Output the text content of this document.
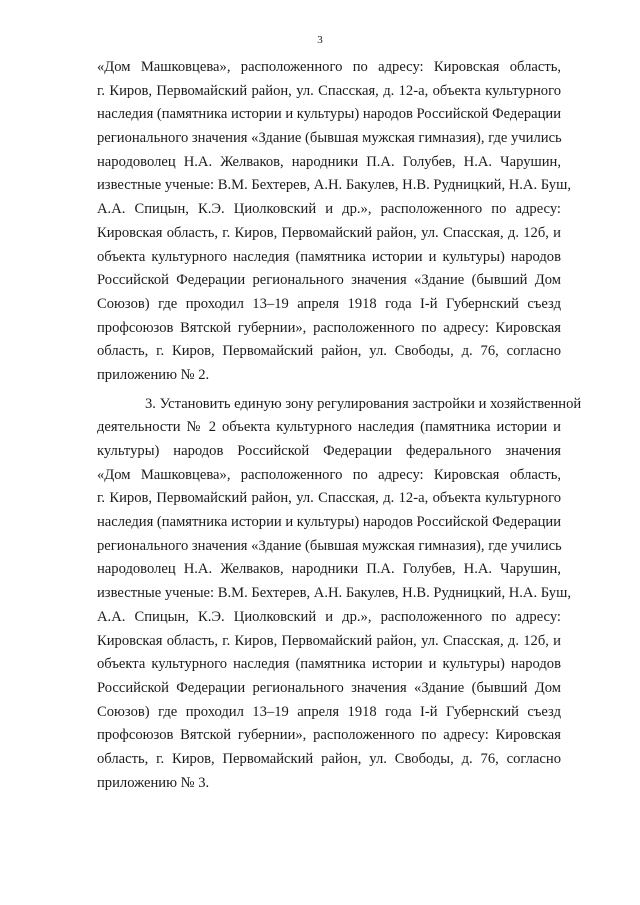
3
«Дом Машковцева», расположенного по адресу: Кировская область,
г. Киров, Первомайский район, ул. Спасская, д. 12-а, объекта культурного
наследия (памятника истории и культуры) народов Российской Федерации
регионального значения «Здание (бывшая мужская гимназия), где учились
народоволец Н.А. Желваков, народники П.А. Голубев, Н.А. Чарушин,
известные ученые: В.М. Бехтерев, А.Н. Бакулев, Н.В. Рудницкий, Н.А. Буш,
А.А. Спицын, К.Э. Циолковский и др.», расположенного по адресу:
Кировская область, г. Киров, Первомайский район, ул. Спасская, д. 12б, и
объекта культурного наследия (памятника истории и культуры) народов
Российской Федерации регионального значения «Здание (бывший Дом
Союзов) где проходил 13–19 апреля 1918 года І-й Губернский съезд
профсоюзов Вятской губернии», расположенного по адресу: Кировская
область, г. Киров, Первомайский район, ул. Свободы, д. 76, согласно
приложению № 2.
3. Установить единую зону регулирования застройки и хозяйственной
деятельности № 2 объекта культурного наследия (памятника истории и
культуры) народов Российской Федерации федерального значения
«Дом Машковцева», расположенного по адресу: Кировская область,
г. Киров, Первомайский район, ул. Спасская, д. 12-а, объекта культурного
наследия (памятника истории и культуры) народов Российской Федерации
регионального значения «Здание (бывшая мужская гимназия), где учились
народоволец Н.А. Желваков, народники П.А. Голубев, Н.А. Чарушин,
известные ученые: В.М. Бехтерев, А.Н. Бакулев, Н.В. Рудницкий, Н.А. Буш,
А.А. Спицын, К.Э. Циолковский и др.», расположенного по адресу:
Кировская область, г. Киров, Первомайский район, ул. Спасская, д. 12б, и
объекта культурного наследия (памятника истории и культуры) народов
Российской Федерации регионального значения «Здание (бывший Дом
Союзов) где проходил 13–19 апреля 1918 года І-й Губернский съезд
профсоюзов Вятской губернии», расположенного по адресу: Кировская
область, г. Киров, Первомайский район, ул. Свободы, д. 76, согласно
приложению № 3.
